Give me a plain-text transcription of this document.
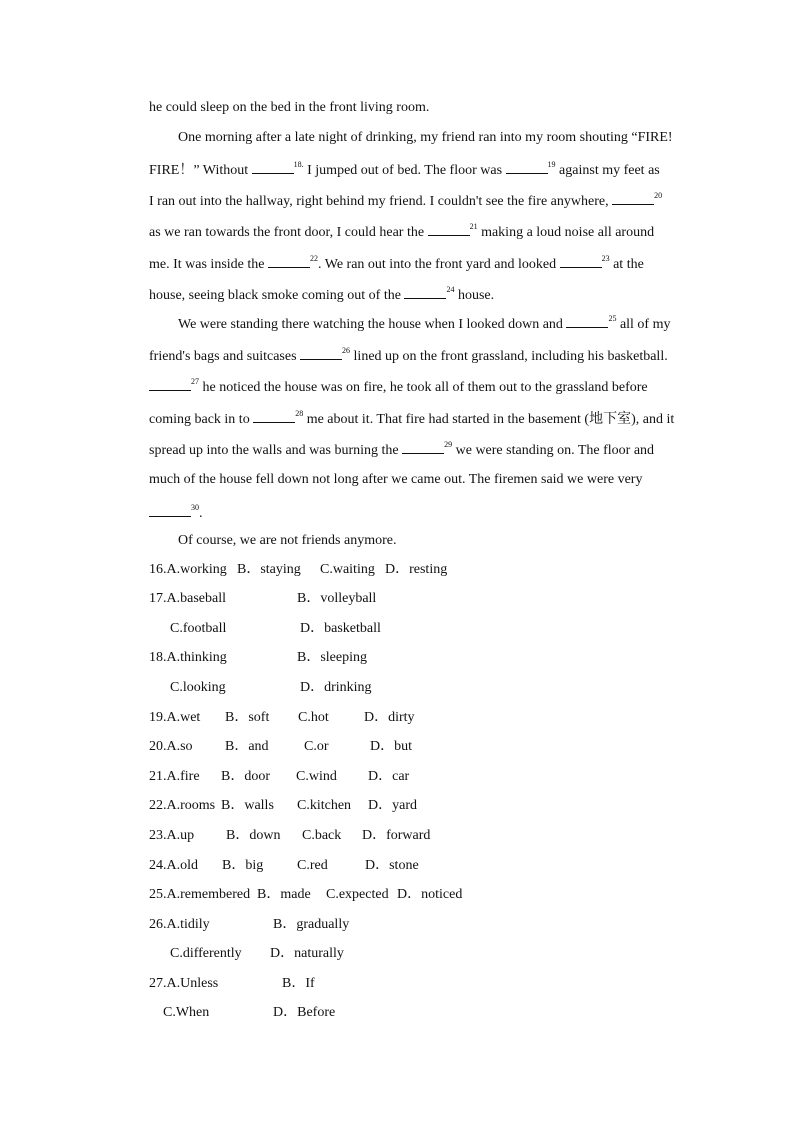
he could sleep on the bed in the front living room.
One morning after a late night of drinking, my friend ran into my room shouting “FIRE!
FIRE！” Without	$^{18.}$ I jumped out of bed. The floor was	$^{19}$ against my feet as
I ran out into the hallway, right behind my friend. I couldn't see the fire anywhere,	$^{20}$
as we ran towards the front door, I could hear the	$^{21}$ making a loud noise all around
me. It was inside the	$^{22}$. We ran out into the front yard and looked	$^{23}$ at the
house, seeing black smoke coming out of the	$^{24}$ house.
We were standing there watching the house when I looked down and	$^{25}$ all of my
friend's bags and suitcases	$^{26}$ lined up on the front grassland, including his basketball.
$^{27}$ he noticed the house was on fire, he took all of them out to the grassland before
coming back in to	$^{28}$ me about it. That fire had started in the basement (地下室), and it
spread up into the walls and was burning the	$^{29}$ we were standing on. The floor and
much of the house fell down not long after we came out. The firemen said we were very
$^{30}$.
Of course, we are not friends anymore.
16.A.working B．staying C.waiting D．resting
17.A.baseball	B．volleyball
C.football	D．basketball
18.A.thinking	B．sleeping
C.looking	D．drinking
19.A.wet B．soft C.hot	D．dirty
20.A.so B．and	C.or	D．but
21.A.fire B．door C.wind D．car
22.A.rooms B．walls C.kitchen D．yard
23.A.up B．down C.back D．forward
24.A.old B．big C.red	D．stone
25.A.remembered B．made C.expected D．noticed
26.A.tidily	B．gradually
C.differently D．naturally
27.A.Unless	B．If
C.When	D．Before
